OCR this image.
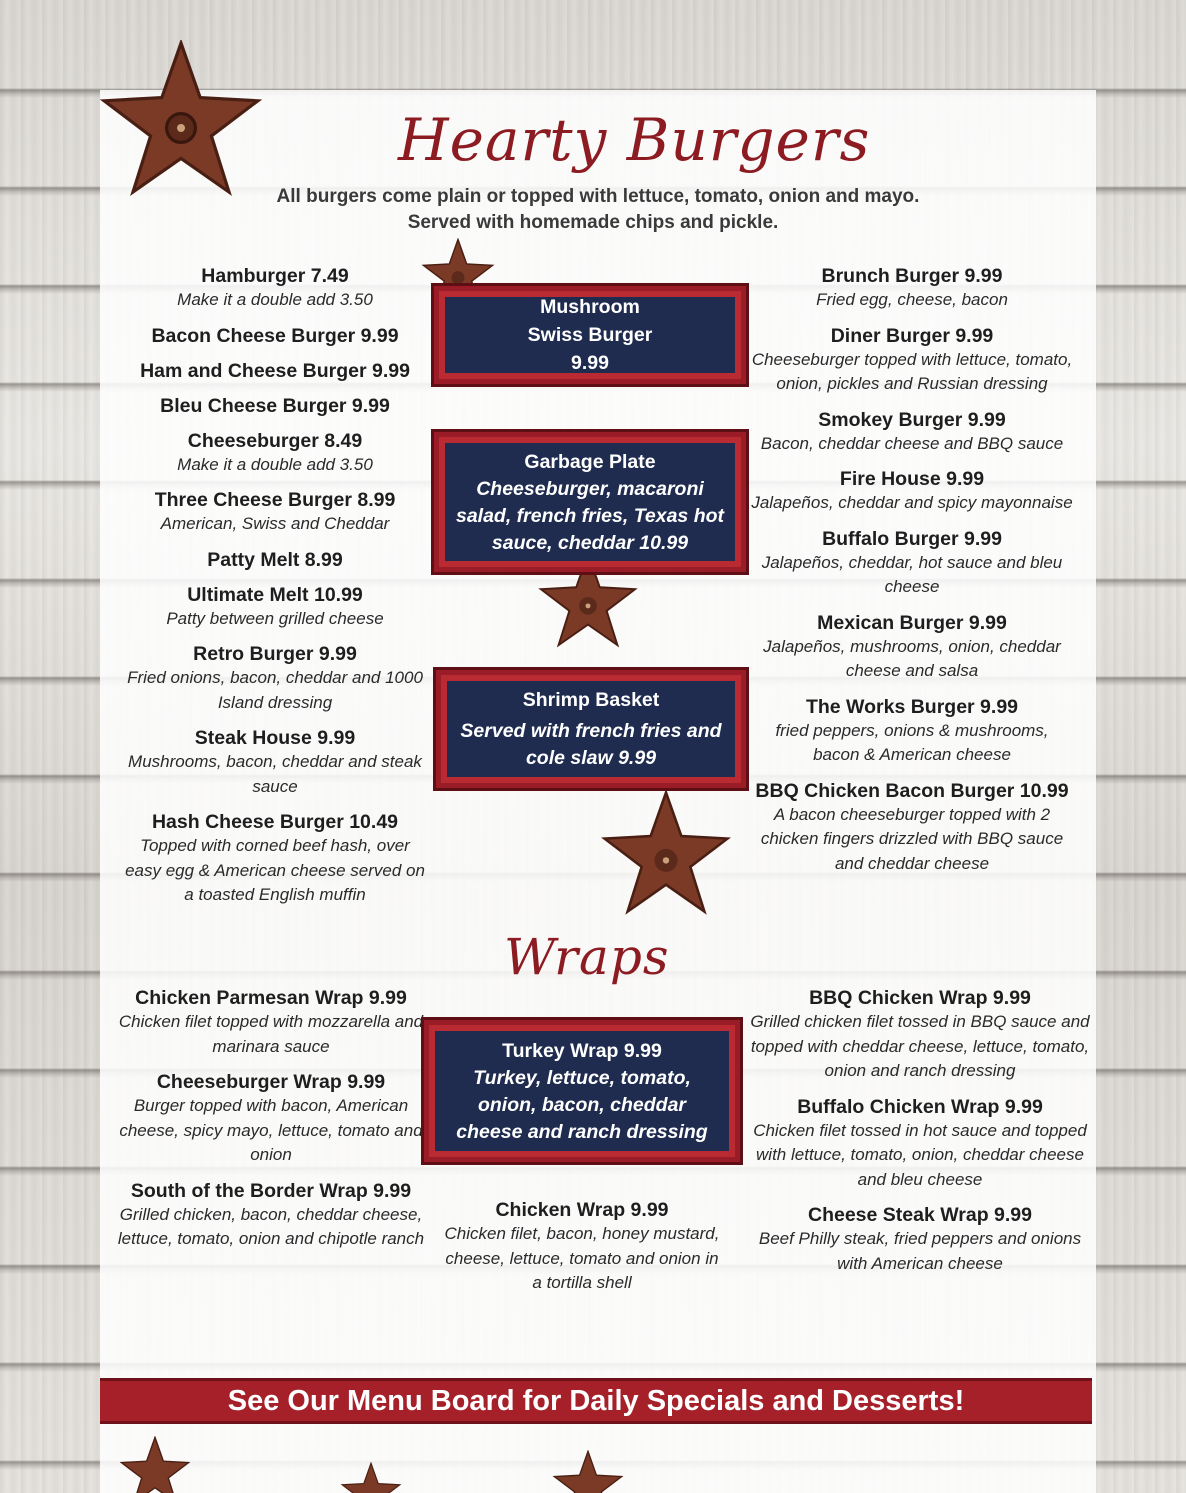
Hearty Burgers
All burgers come plain or topped with lettuce, tomato, onion and mayo.
Served with homemade chips and pickle.
Hamburger 7.49
Make it a double add 3.50
Bacon Cheese Burger 9.99
Ham and Cheese Burger 9.99
Bleu Cheese Burger 9.99
Cheeseburger 8.49
Make it a double add 3.50
Three Cheese Burger 8.99
American, Swiss and Cheddar
Patty Melt 8.99
Ultimate Melt 10.99
Patty between grilled cheese
Retro Burger 9.99
Fried onions, bacon, cheddar and 1000 Island dressing
Steak House 9.99
Mushrooms, bacon, cheddar and steak sauce
Hash Cheese Burger 10.49
Topped with corned beef hash, over easy egg & American cheese served on a toasted English muffin
Brunch Burger 9.99
Fried egg, cheese, bacon
Diner Burger 9.99
Cheeseburger topped with lettuce, tomato, onion, pickles and Russian dressing
Smokey Burger 9.99
Bacon, cheddar cheese and BBQ sauce
Fire House 9.99
Jalapeños, cheddar and spicy mayonnaise
Buffalo Burger 9.99
Jalapeños, cheddar, hot sauce and bleu cheese
Mexican Burger 9.99
Jalapeños, mushrooms, onion, cheddar cheese and salsa
The Works Burger 9.99
fried peppers, onions & mushrooms, bacon & American cheese
BBQ Chicken Bacon Burger 10.99
A bacon cheeseburger topped with 2 chicken fingers drizzled with BBQ sauce and cheddar cheese
Mushroom Swiss Burger 9.99
Garbage Plate
Cheeseburger, macaroni salad, french fries, Texas hot sauce, cheddar 10.99
Shrimp Basket
Served with french fries and cole slaw 9.99
Wraps
Chicken Parmesan Wrap 9.99
Chicken filet topped with mozzarella and marinara sauce
Cheeseburger Wrap 9.99
Burger topped with bacon, American cheese, spicy mayo, lettuce, tomato and onion
South of the Border Wrap 9.99
Grilled chicken, bacon, cheddar cheese, lettuce, tomato, onion and chipotle ranch
BBQ Chicken Wrap 9.99
Grilled chicken filet tossed in BBQ sauce and topped with cheddar cheese, lettuce, tomato, onion and ranch dressing
Buffalo Chicken Wrap 9.99
Chicken filet tossed in hot sauce and topped with lettuce, tomato, onion, cheddar cheese and bleu cheese
Cheese Steak Wrap 9.99
Beef Philly steak, fried peppers and onions with American cheese
Turkey Wrap 9.99
Turkey, lettuce, tomato, onion, bacon, cheddar cheese and ranch dressing
Chicken Wrap 9.99
Chicken filet, bacon, honey mustard, cheese, lettuce, tomato and onion in a tortilla shell
See Our Menu Board for Daily Specials and Desserts!
